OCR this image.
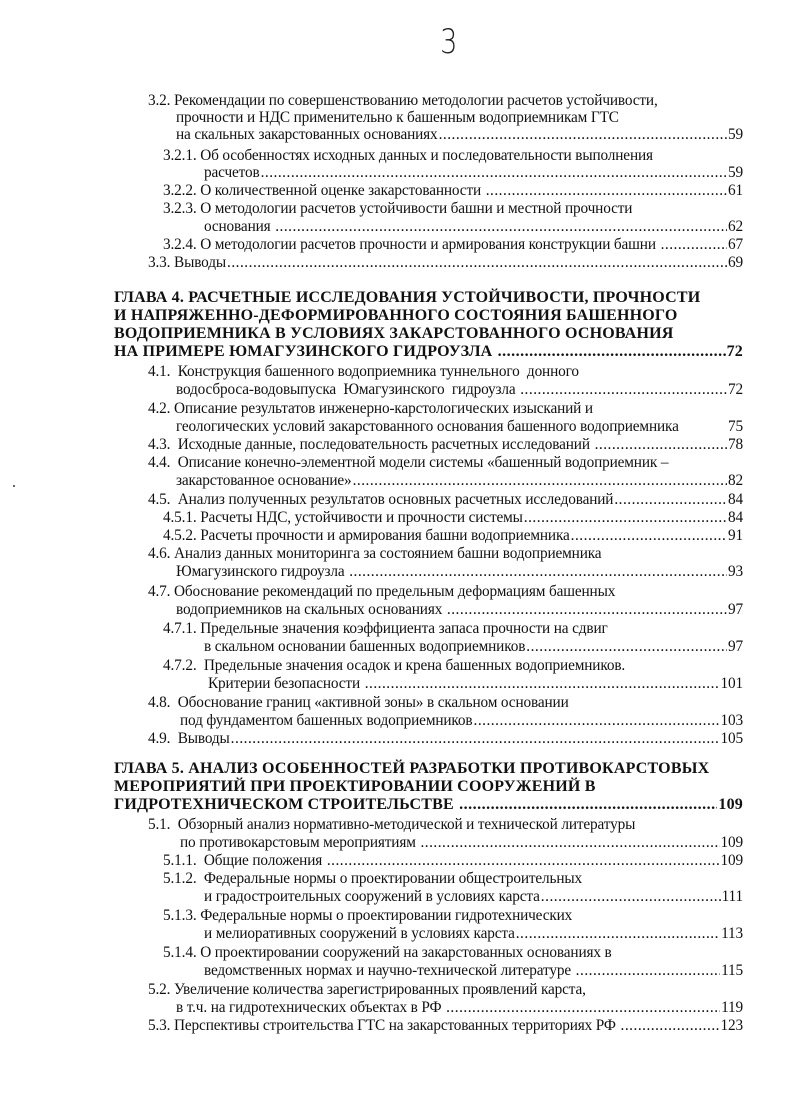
3
3.2. Рекомендации по совершенствованию методологии расчетов устойчивости,
прочности и НДС применительно к башенным водоприемникам ГТС
на скальных закарстованных основаниях .....	59
3.2.1. Об особенностях исходных данных и последовательности выполнения
расчетов .....	59
3.2.2. О количественной оценке закарстованности .....	61
3.2.3. О методологии расчетов устойчивости башни и местной прочности
основания .....	62
3.2.4. О методологии расчетов прочности и армирования конструкции башни .....	67
3.3. Выводы .....	69
ГЛАВА 4. РАСЧЕТНЫЕ ИССЛЕДОВАНИЯ УСТОЙЧИВОСТИ, ПРОЧНОСТИ
И НАПРЯЖЕННО-ДЕФОРМИРОВАННОГО СОСТОЯНИЯ БАШЕННОГО
ВОДОПРИЕМНИКА В УСЛОВИЯХ ЗАКАРСТОВАННОГО ОСНОВАНИЯ
НА ПРИМЕРЕ ЮМАГУЗИНСКОГО ГИДРОУЗЛА .....	72
4.1.  Конструкция башенного водоприемника туннельного  донного
водосброса-водовыпуска  Юмагузинского  гидроузла .....	72
4.2. Описание результатов инженерно-карстологических изысканий и
геологических условий закарстованного основания башенного водоприемника	75
4.3.  Исходные данные, последовательность расчетных исследований .....	78
4.4.  Описание конечно-элементной модели системы «башенный водоприемник –
закарстованное основание» .....	82
4.5.  Анализ полученных результатов основных расчетных исследований .....	84
4.5.1. Расчеты НДС, устойчивости и прочности системы .....	84
4.5.2. Расчеты прочности и армирования башни водоприемника .....	91
4.6. Анализ данных мониторинга за состоянием башни водоприемника
Юмагузинского гидроузла .....	93
4.7. Обоснование рекомендаций по предельным деформациям башенных
водоприемников на скальных основаниях .....	97
4.7.1. Предельные значения коэффициента запаса прочности на сдвиг
в скальном основании башенных водоприемников .....	97
4.7.2.  Предельные значения осадок и крена башенных водоприемников.
Критерии безопасности .....	101
4.8.  Обоснование границ «активной зоны» в скальном основании
под фундаментом башенных водоприемников .....	103
4.9.  Выводы .....	105
ГЛАВА 5. АНАЛИЗ ОСОБЕННОСТЕЙ РАЗРАБОТКИ ПРОТИВОКАРСТОВЫХ
МЕРОПРИЯТИЙ ПРИ ПРОЕКТИРОВАНИИ СООРУЖЕНИЙ В
ГИДРОТЕХНИЧЕСКОМ СТРОИТЕЛЬСТВЕ .....	109
5.1.  Обзорный анализ нормативно-методической и технической литературы
по противокарстовым мероприятиям .....	109
5.1.1.  Общие положения .....	109
5.1.2.  Федеральные нормы о проектировании общестроительных
и градостроительных сооружений в условиях карста .....	111
5.1.3. Федеральные нормы о проектировании гидротехнических
и мелиоративных сооружений в условиях карста .....	113
5.1.4. О проектировании сооружений на закарстованных основаниях в
ведомственных нормах и научно-технической литературе .....	115
5.2. Увеличение количества зарегистрированных проявлений карста,
в т.ч. на гидротехнических объектах в РФ .....	119
5.3. Перспективы строительства ГТС на закарстованных территориях РФ .....	123
